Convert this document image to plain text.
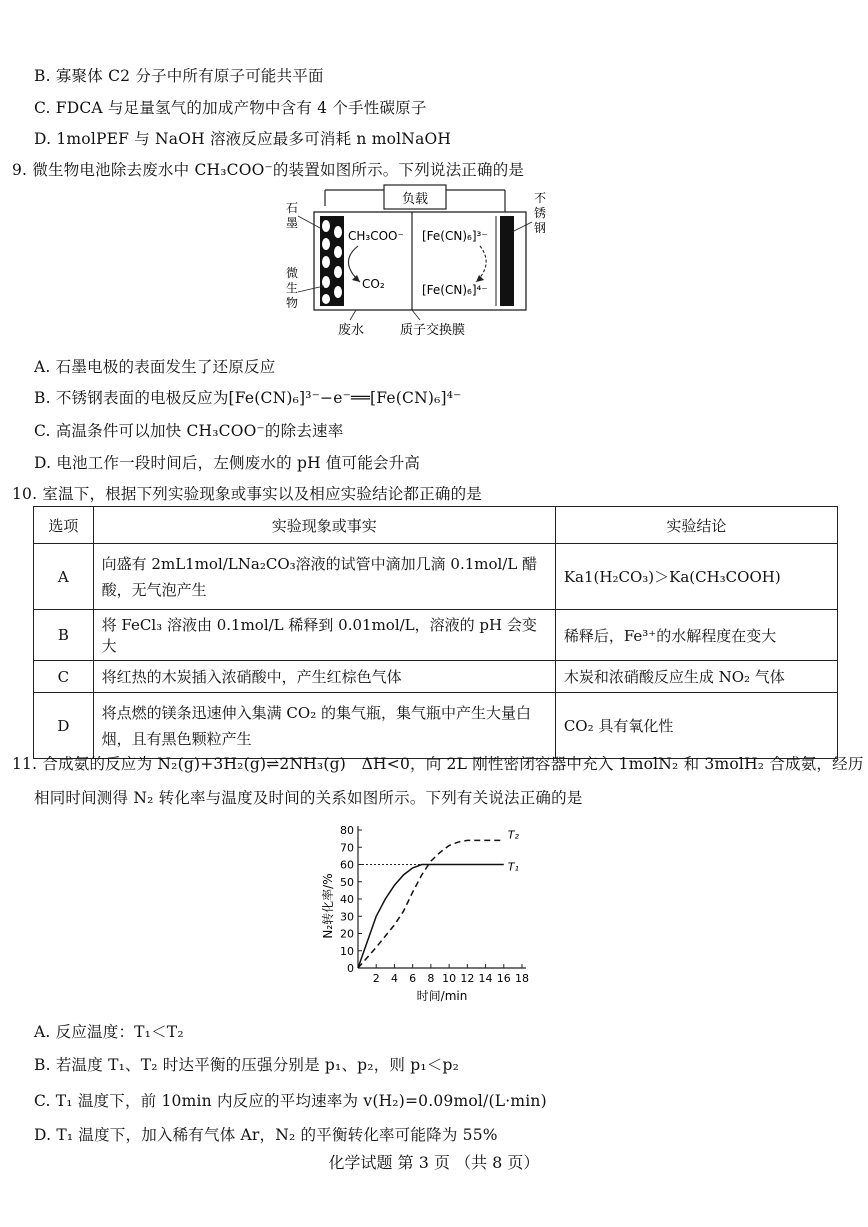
B. 寡聚体 C2 分子中所有原子可能共平面
C. FDCA 与足量氢气的加成产物中含有 4 个手性碳原子
D. 1molPEF 与 NaOH 溶液反应最多可消耗 n molNaOH
9. 微生物电池除去废水中 CH₃COO⁻的装置如图所示。下列说法正确的是
负载
CH₃COO⁻
CO₂
[Fe(CN)₆]³⁻
[Fe(CN)₆]⁴⁻
石
墨
微
生
物
不
锈
钢
废水	质子交换膜
A. 石墨电极的表面发生了还原反应
B. 不锈钢表面的电极反应为[Fe(CN)₆]³⁻−e⁻══[Fe(CN)₆]⁴⁻
C. 高温条件可以加快 CH₃COO⁻的除去速率
D. 电池工作一段时间后，左侧废水的 pH 值可能会升高
10. 室温下，根据下列实验现象或事实以及相应实验结论都正确的是
选项	实验现象或事实	实验结论
A	向盛有 2mL1mol/LNa₂CO₃溶液的试管中滴加几滴 0.1mol/L 醋酸，无气泡产生	Ka1(H₂CO₃)＞Ka(CH₃COOH)
B	将 FeCl₃ 溶液由 0.1mol/L 稀释到 0.01mol/L，溶液的 pH 会变大	稀释后，Fe³⁺的水解程度在变大
C	将红热的木炭插入浓硝酸中，产生红棕色气体	木炭和浓硝酸反应生成 NO₂ 气体
D	将点燃的镁条迅速伸入集满 CO₂ 的集气瓶，集气瓶中产生大量白烟，且有黑色颗粒产生	CO₂ 具有氧化性
11. 合成氨的反应为 N₂(g)+3H₂(g)⇌2NH₃(g)　ΔH<0，向 2L 刚性密闭容器中充入 1molN₂ 和 3molH₂ 合成氨，经历
相同时间测得 N₂ 转化率与温度及时间的关系如图所示。下列有关说法正确的是
0
10
20
30
40
50
60
70
80
2 4 6 8 10 12 14 16 18
T₁
T₂
N₂转化率/%
时间/min
A. 反应温度：T₁＜T₂
B. 若温度 T₁、T₂ 时达平衡的压强分别是 p₁、p₂，则 p₁＜p₂
C. T₁ 温度下，前 10min 内反应的平均速率为 v(H₂)=0.09mol/(L·min)
D. T₁ 温度下，加入稀有气体 Ar，N₂ 的平衡转化率可能降为 55%
化学试题 第 3 页 （共 8 页）
